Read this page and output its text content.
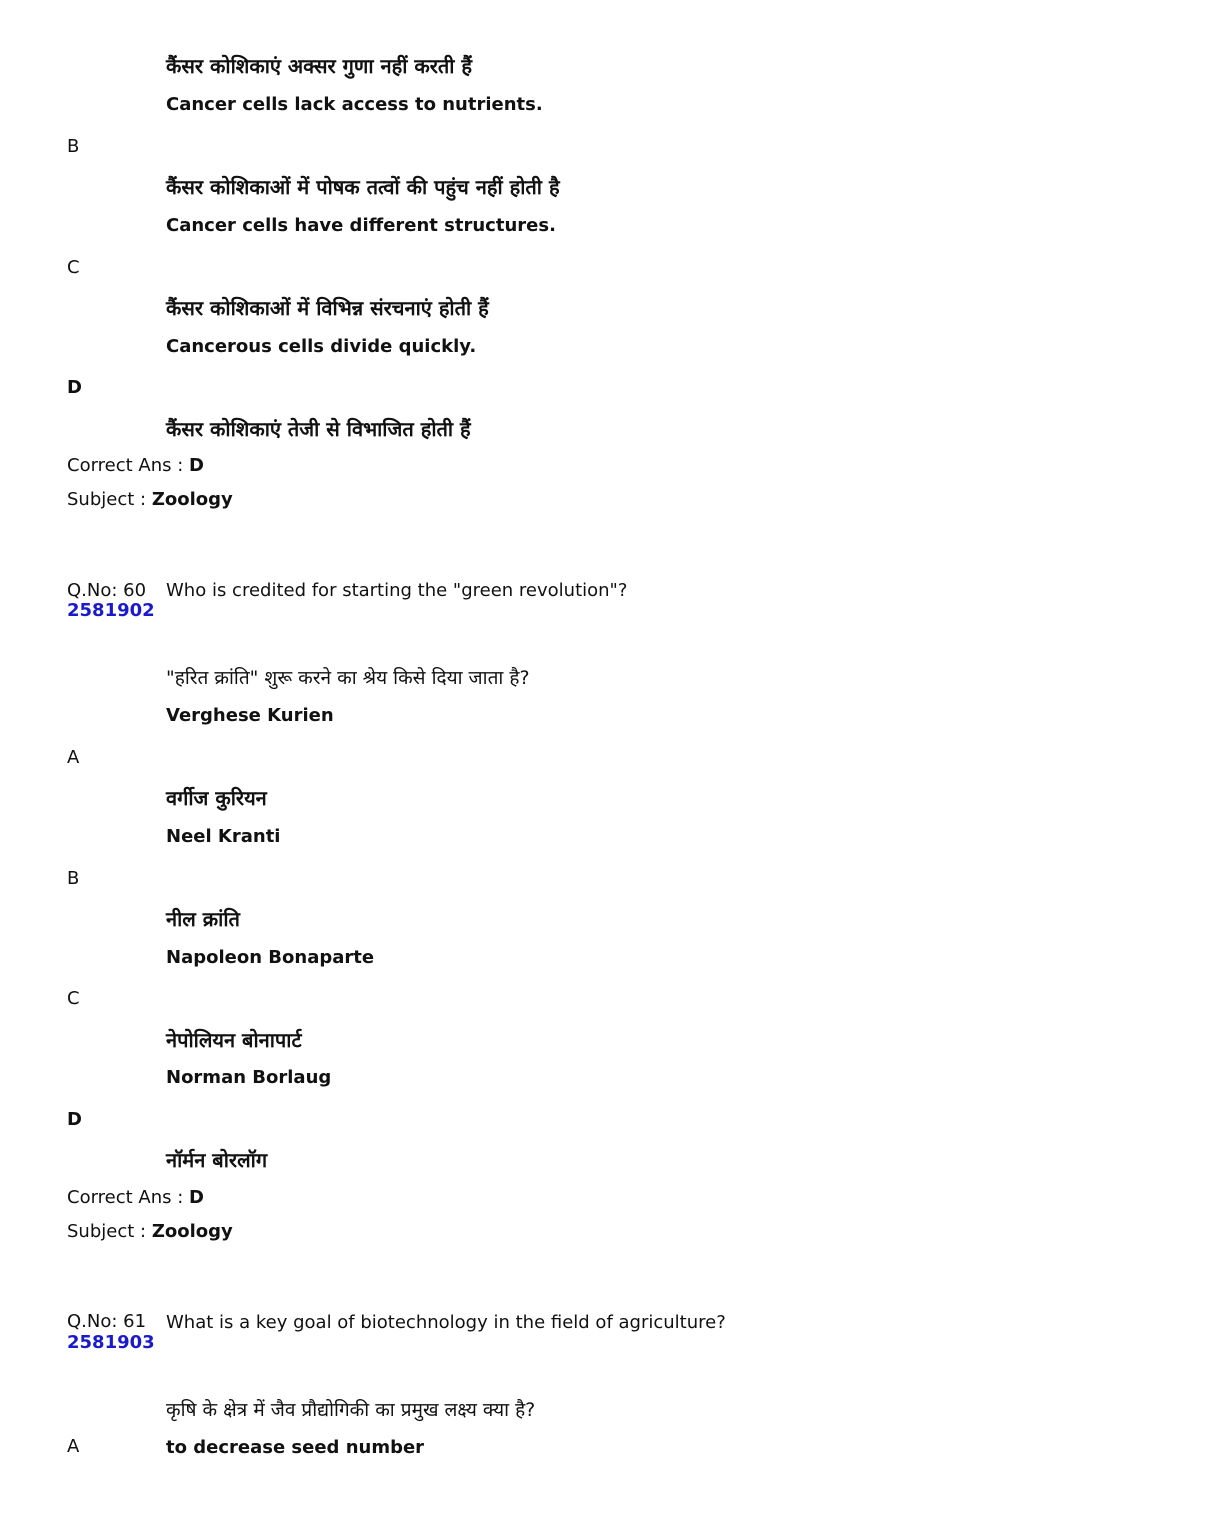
कैंसर कोशिकाएं अक्सर गुणा नहीं करती हैं
Cancer cells lack access to nutrients.
B
कैंसर कोशिकाओं में पोषक तत्वों की पहुंच नहीं होती है
Cancer cells have different structures.
C
कैंसर कोशिकाओं में विभिन्न संरचनाएं होती हैं
Cancerous cells divide quickly.
D
कैंसर कोशिकाएं तेजी से विभाजित होती हैं
Correct Ans : D
Subject : Zoology
Q.No: 60
2581902
Who is credited for starting the "green revolution"?
"हरित क्रांति" शुरू करने का श्रेय किसे दिया जाता है?
Verghese Kurien
A
वर्गीज कुरियन
Neel Kranti
B
नील क्रांति
Napoleon Bonaparte
C
नेपोलियन बोनापार्ट
Norman Borlaug
D
नॉर्मन बोरलॉग
Correct Ans : D
Subject : Zoology
Q.No: 61
2581903
What is a key goal of biotechnology in the field of agriculture?
कृषि के क्षेत्र में जैव प्रौद्योगिकी का प्रमुख लक्ष्य क्या है?
A	to decrease seed number
